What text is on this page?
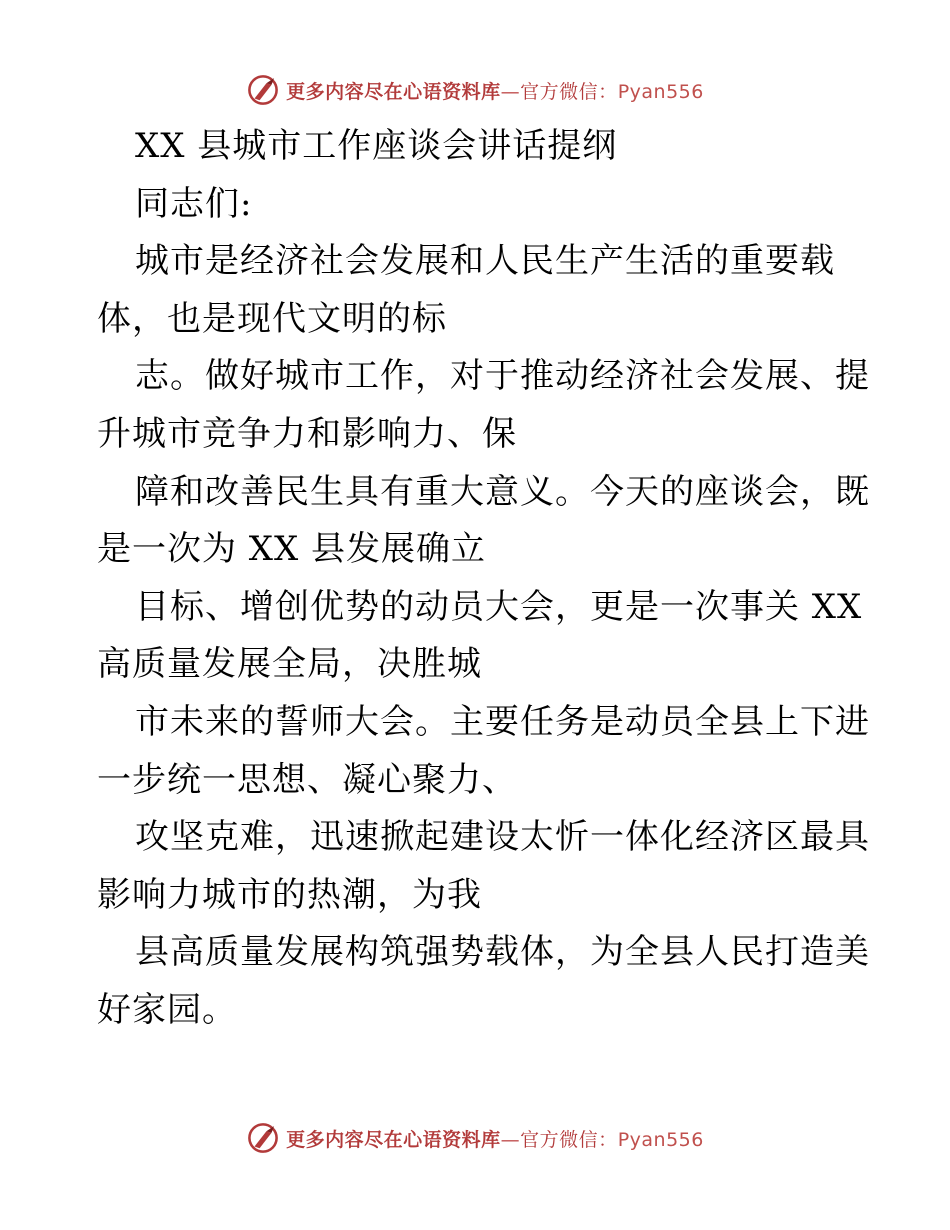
更多内容尽在心语资料库—官方微信：Pyan556
XX 县城市工作座谈会讲话提纲
同志们:
城市是经济社会发展和人民生产生活的重要载
体，也是现代文明的标
志。做好城市工作，对于推动经济社会发展、提
升城市竞争力和影响力、保
障和改善民生具有重大意义。今天的座谈会，既
是一次为 XX 县发展确立
目标、增创优势的动员大会，更是一次事关 XX
高质量发展全局，决胜城
市未来的誓师大会。主要任务是动员全县上下进
一步统一思想、凝心聚力、
攻坚克难，迅速掀起建设太忻一体化经济区最具
影响力城市的热潮，为我
县高质量发展构筑强势载体，为全县人民打造美
好家园。
更多内容尽在心语资料库—官方微信：Pyan556
